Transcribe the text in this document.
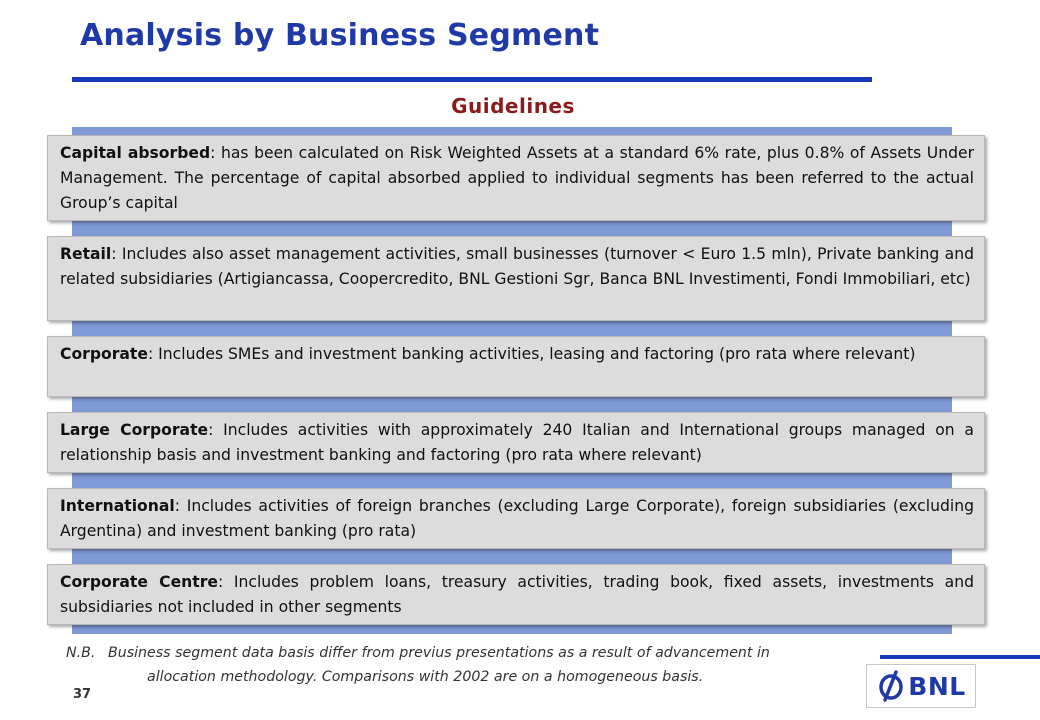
Analysis by Business Segment
Guidelines
Capital absorbed: has been calculated on Risk Weighted Assets at a standard 6% rate, plus 0.8% of Assets Under Management. The percentage of capital absorbed applied to individual segments has been referred to the actual Group’s capital
Retail: Includes also asset management activities, small businesses (turnover < Euro 1.5 mln), Private banking and related subsidiaries (Artigiancassa, Coopercredito, BNL Gestioni Sgr, Banca BNL Investimenti, Fondi Immobiliari, etc)
Corporate: Includes SMEs and investment banking activities, leasing and factoring (pro rata where relevant)
Large Corporate: Includes activities with approximately 240 Italian and International groups managed on a relationship basis and investment banking and factoring (pro rata where relevant)
International: Includes activities of foreign branches (excluding Large Corporate), foreign subsidiaries (excluding Argentina) and investment banking (pro rata)
Corporate Centre: Includes problem loans, treasury activities, trading book, fixed assets, investments and subsidiaries not included in other segments
N.B. Business segment data basis differ from previus presentations as a result of advancement in
allocation methodology. Comparisons with 2002 are on a homogeneous basis.
37	BNL
